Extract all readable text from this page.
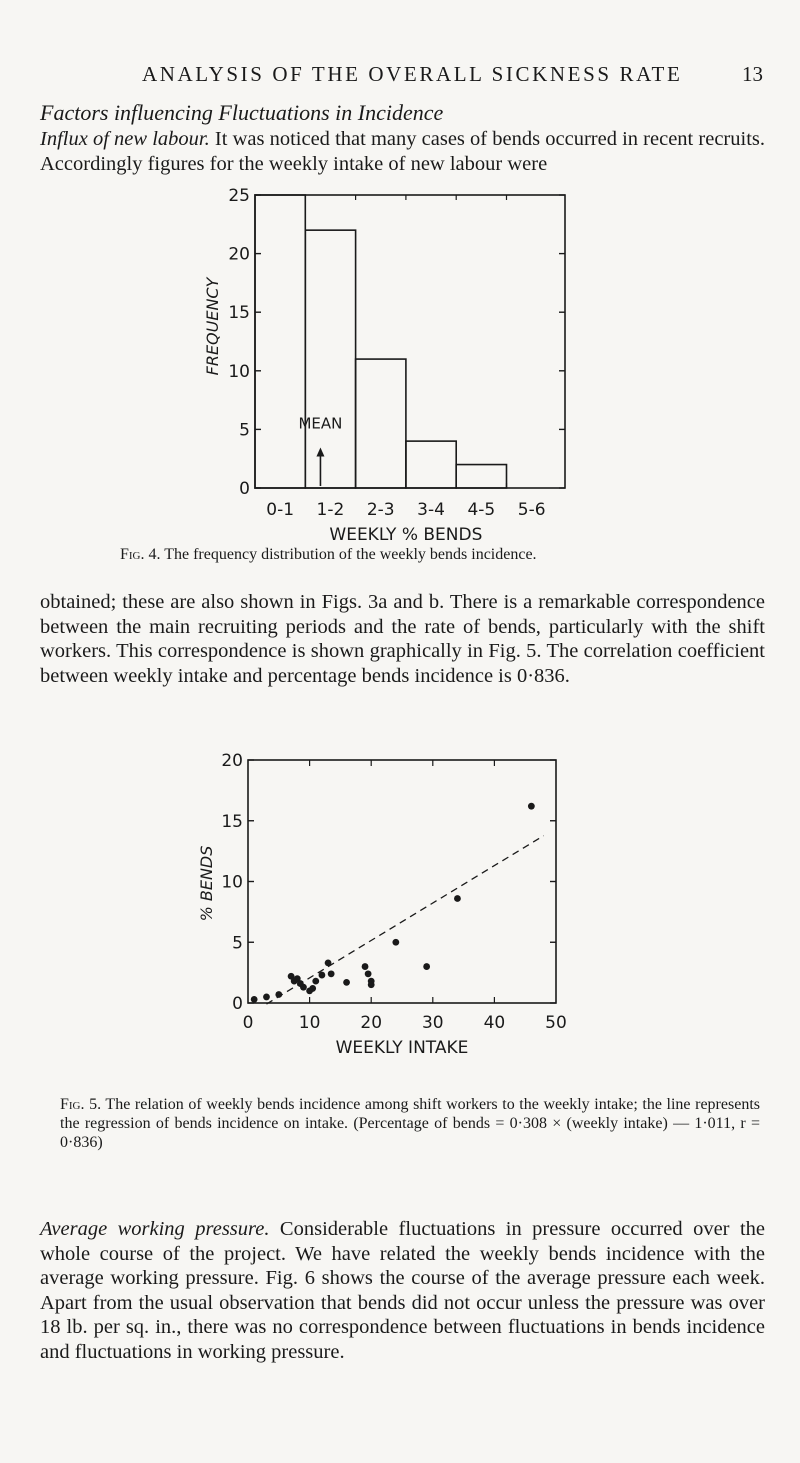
ANALYSIS OF THE OVERALL SICKNESS RATE	13
Factors influencing Fluctuations in Incidence

Influx of new labour. It was noticed that many cases of bends occurred in recent recruits. Accordingly figures for the weekly intake of new labour were

0
5
10
15
20
25
0-1 1-2 2-3 3-4 4-5 5-6
WEEKLY % BENDS
FREQUENCY
MEAN

Fig. 4. The frequency distribution of the weekly bends incidence.

obtained; these are also shown in Figs. 3a and b. There is a remarkable correspondence between the main recruiting periods and the rate of bends, particularly with the shift workers. This correspondence is shown graphically in Fig. 5. The correlation coefficient between weekly intake and percentage bends incidence is 0·836.

0
5
10
15
20
0	10 20 30 40 50
WEEKLY INTAKE
% BENDS

Fig. 5. The relation of weekly bends incidence among shift workers to the weekly intake; the line represents the regression of bends incidence on intake. (Percentage of bends = 0·308 × (weekly intake) — 1·011, r = 0·836)

Average working pressure. Considerable fluctuations in pressure occurred over the whole course of the project. We have related the weekly bends incidence with the average working pressure. Fig. 6 shows the course of the average pressure each week. Apart from the usual observation that bends did not occur unless the pressure was over 18 lb. per sq. in., there was no correspondence between fluctuations in bends incidence and fluctuations in working pressure.
